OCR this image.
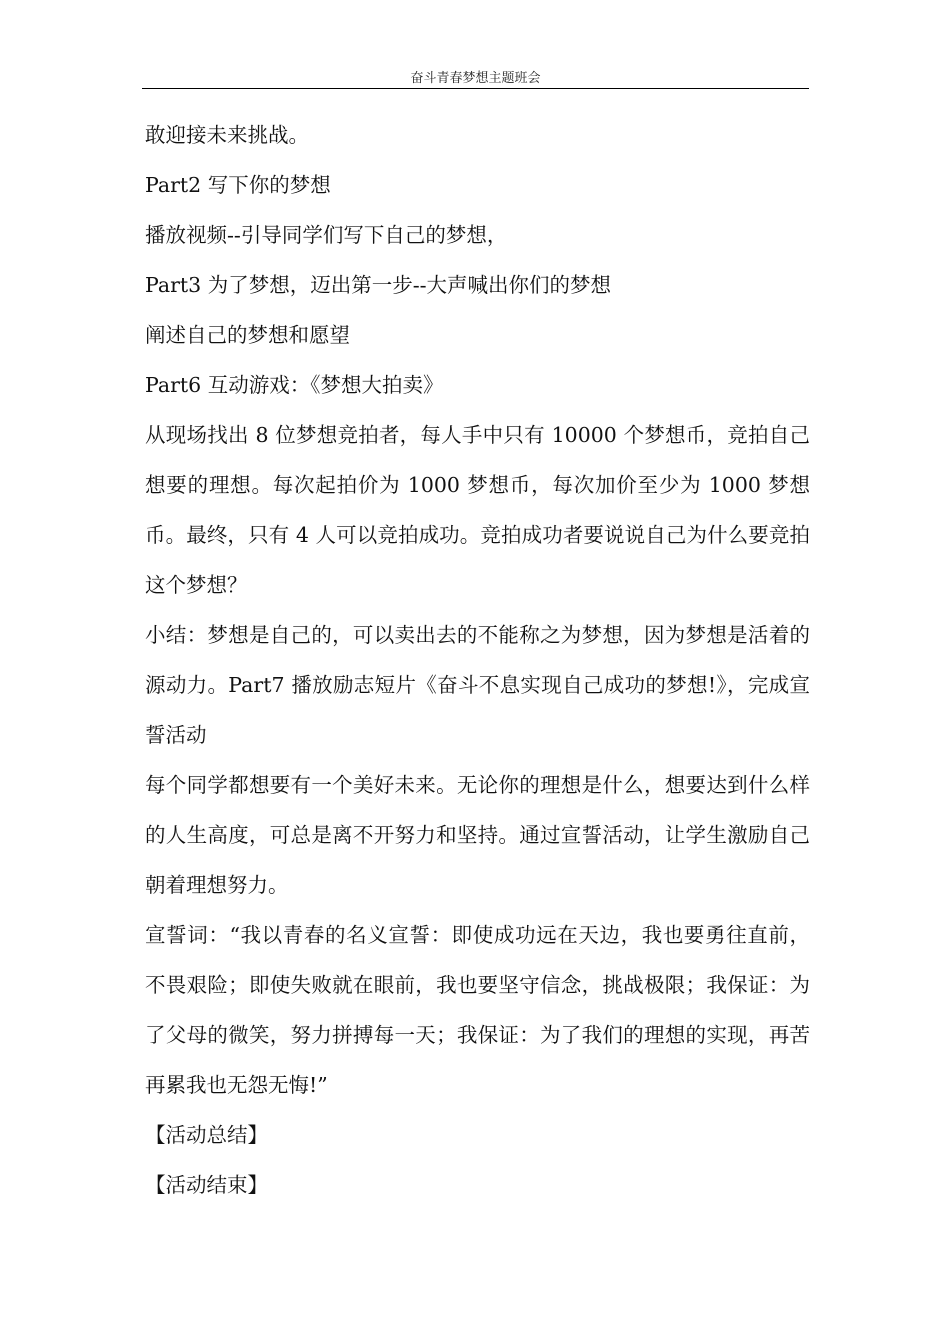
奋斗青春梦想主题班会

敢迎接未来挑战。

Part2 写下你的梦想

播放视频--引导同学们写下自己的梦想，

Part3 为了梦想，迈出第一步--大声喊出你们的梦想

阐述自己的梦想和愿望

Part6 互动游戏：《梦想大拍卖》

从现场找出 8 位梦想竞拍者，每人手中只有 10000 个梦想币，竞拍自己想要的理想。每次起拍价为 1000 梦想币，每次加价至少为 1000 梦想币。最终，只有 4 人可以竞拍成功。竞拍成功者要说说自己为什么要竞拍这个梦想？

小结：梦想是自己的，可以卖出去的不能称之为梦想，因为梦想是活着的源动力。Part7 播放励志短片《奋斗不息实现自己成功的梦想!》，完成宣誓活动

每个同学都想要有一个美好未来。无论你的理想是什么，想要达到什么样的人生高度，可总是离不开努力和坚持。通过宣誓活动，让学生激励自己朝着理想努力。

宣誓词：“我以青春的名义宣誓：即使成功远在天边，我也要勇往直前，不畏艰险；即使失败就在眼前，我也要坚守信念，挑战极限；我保证：为了父母的微笑，努力拼搏每一天；我保证：为了我们的理想的实现，再苦再累我也无怨无悔!”

【活动总结】

【活动结束】
